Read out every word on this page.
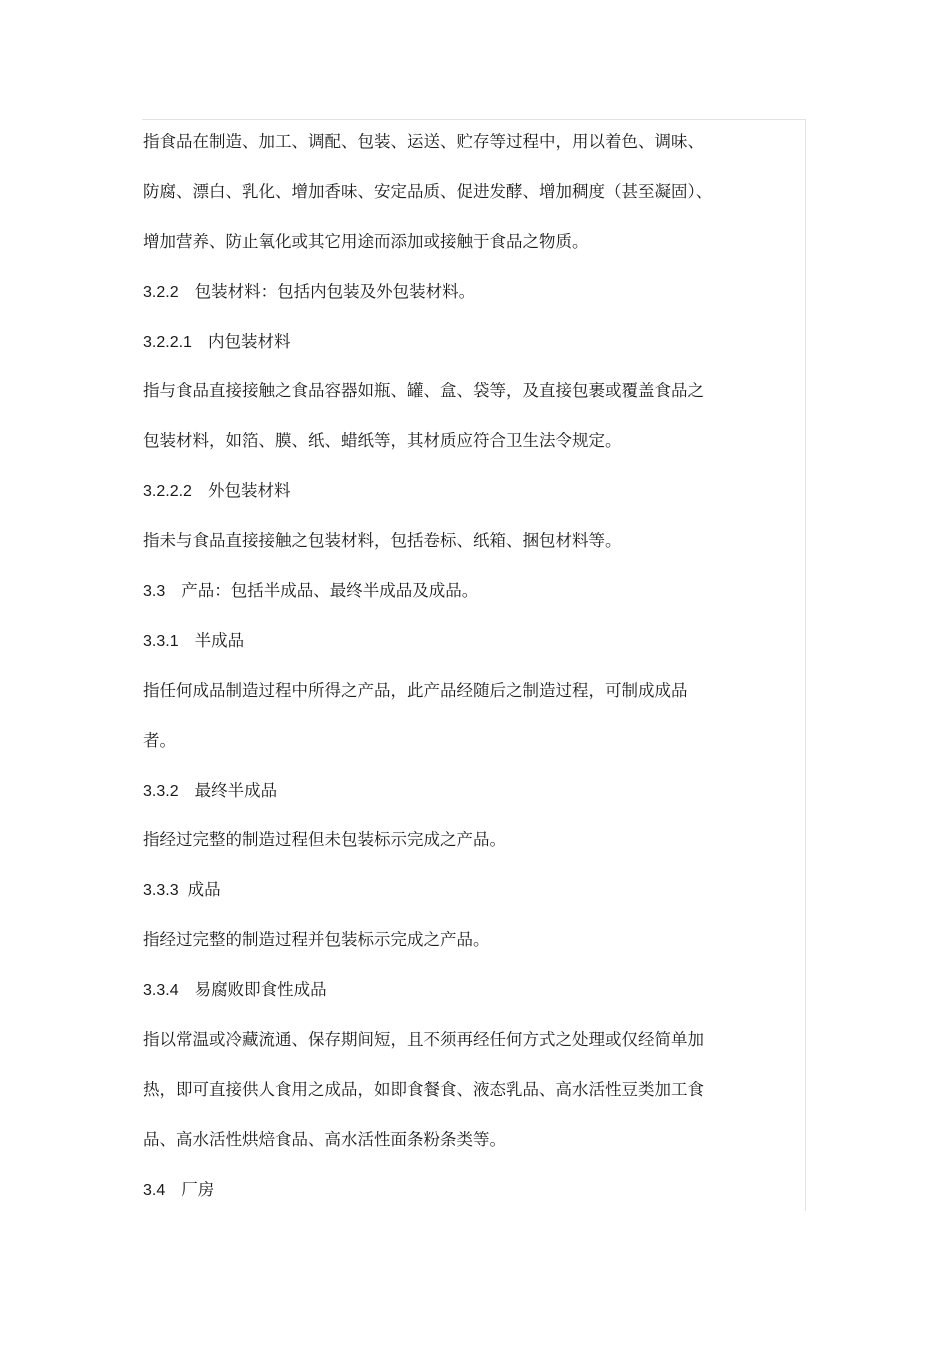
指食品在制造、加工、调配、包装、运送、贮存等过程中，用以着色、调味、
防腐、漂白、乳化、增加香味、安定品质、促进发酵、增加稠度（甚至凝固）、
增加营养、防止氧化或其它用途而添加或接触于食品之物质。
3.2.2 包装材料：包括内包装及外包装材料。
3.2.2.1 内包装材料
指与食品直接接触之食品容器如瓶、罐、盒、袋等，及直接包裹或覆盖食品之
包装材料，如箔、膜、纸、蜡纸等，其材质应符合卫生法令规定。
3.2.2.2 外包装材料
指未与食品直接接触之包装材料，包括卷标、纸箱、捆包材料等。
3.3 产品：包括半成品、最终半成品及成品。
3.3.1 半成品
指任何成品制造过程中所得之产品，此产品经随后之制造过程，可制成成品
者。
3.3.2 最终半成品
指经过完整的制造过程但未包装标示完成之产品。
3.3.3 成品
指经过完整的制造过程并包装标示完成之产品。
3.3.4 易腐败即食性成品
指以常温或冷藏流通、保存期间短，且不须再经任何方式之处理或仅经简单加
热，即可直接供人食用之成品，如即食餐食、液态乳品、高水活性豆类加工食
品、高水活性烘焙食品、高水活性面条粉条类等。
3.4 厂房
